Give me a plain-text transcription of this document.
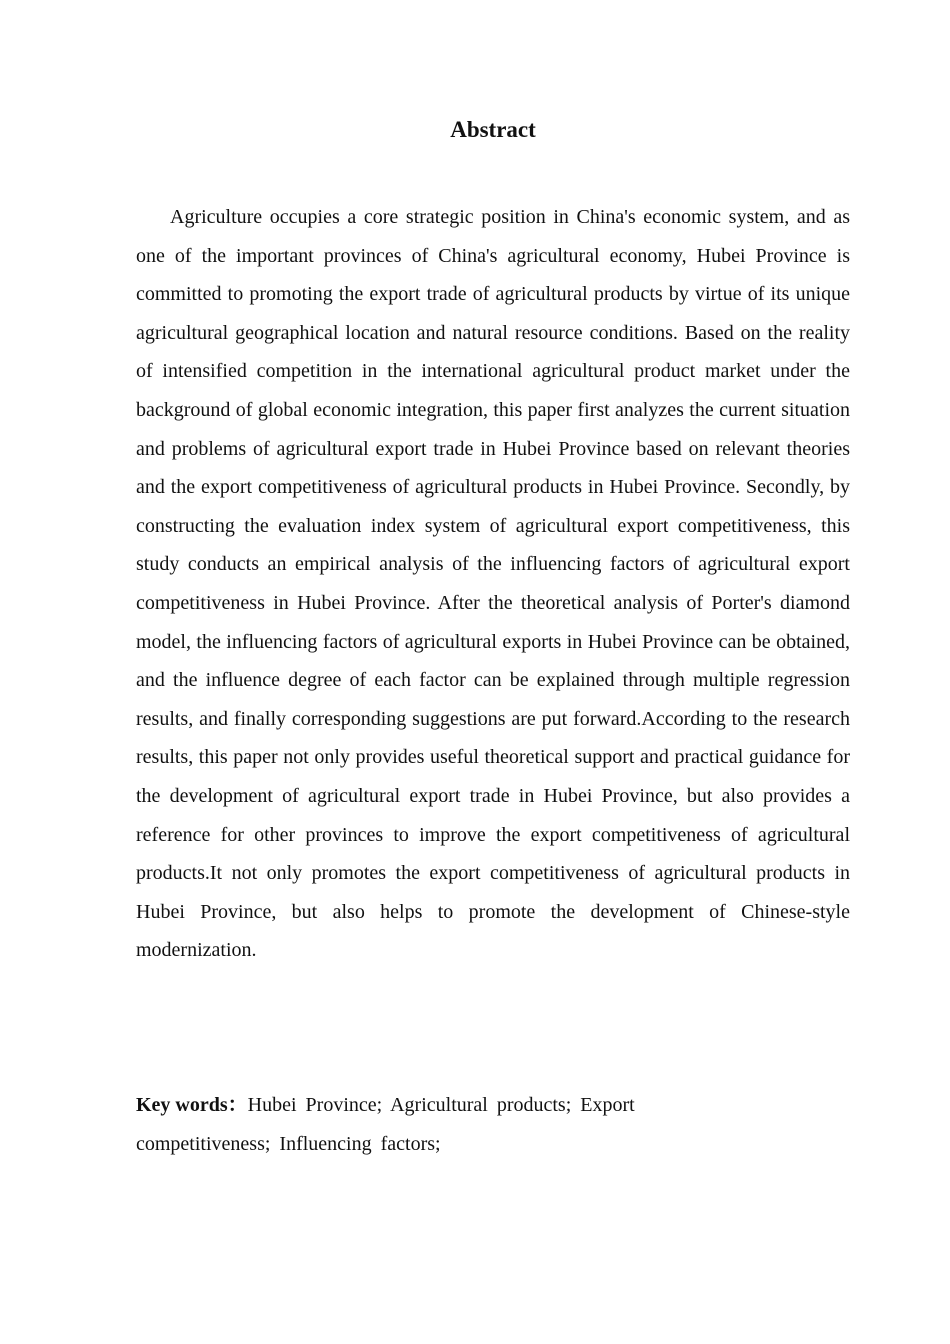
Abstract

Agriculture occupies a core strategic position in China's economic system, and as one of the important provinces of China's agricultural economy, Hubei Province is committed to promoting the export trade of agricultural products by virtue of its unique agricultural geographical location and natural resource conditions. Based on the reality of intensified competition in the international agricultural product market under the background of global economic integration, this paper first analyzes the current situation and problems of agricultural export trade in Hubei Province based on relevant theories and the export competitiveness of agricultural products in Hubei Province. Secondly, by constructing the evaluation index system of agricultural export competitiveness, this study conducts an empirical analysis of the influencing factors of agricultural export competitiveness in Hubei Province. After the theoretical analysis of Porter's diamond model, the influencing factors of agricultural exports in Hubei Province can be obtained, and the influence degree of each factor can be explained through multiple regression results, and finally corresponding suggestions are put forward.According to the research results, this paper not only provides useful theoretical support and practical guidance for the development of agricultural export trade in Hubei Province, but also provides a reference for other provinces to improve the export competitiveness of agricultural products.It not only promotes the export competitiveness of agricultural products in Hubei Province, but also helps to promote the development of Chinese-style modernization.

Key words：Hubei Province; Agricultural products; Export competitiveness; Influencing factors;
